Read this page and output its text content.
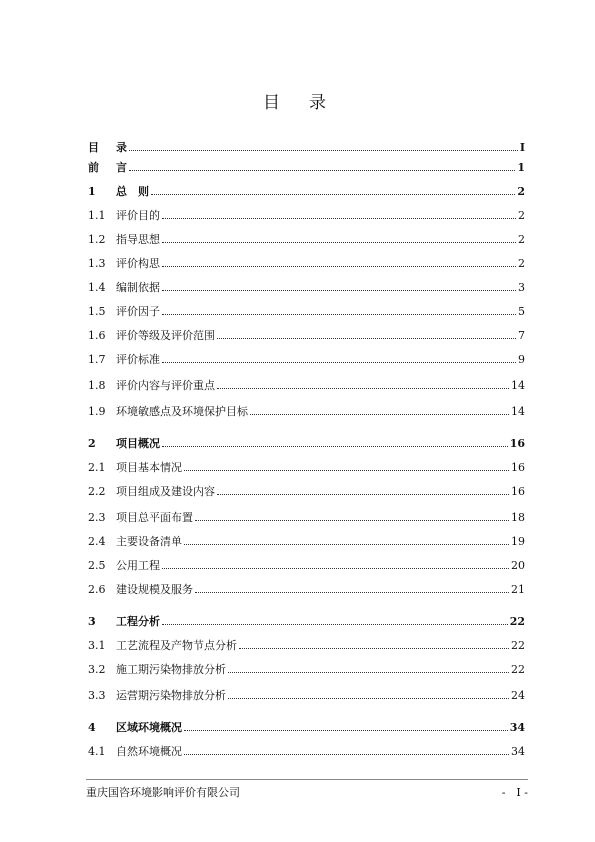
目　录
目	录	I
前	言	1
1	总　则	2
1.1 评价目的	2
1.2 指导思想	2
1.3 评价构思	2
1.4 编制依据	3
1.5 评价因子	5
1.6 评价等级及评价范围	7
1.7 评价标准	9
1.8 评价内容与评价重点	14
1.9 环境敏感点及环境保护目标	14
2	项目概况	16
2.1 项目基本情况	16
2.2 项目组成及建设内容	16
2.3 项目总平面布置	18
2.4 主要设备清单	19
2.5 公用工程	20
2.6 建设规模及服务	21
3	工程分析	22
3.1 工艺流程及产物节点分析	22
3.2 施工期污染物排放分析	22
3.3 运营期污染物排放分析	24
4	区域环境概况	34
4.1 自然环境概况	34
重庆国咨环境影响评价有限公司	-　I -
